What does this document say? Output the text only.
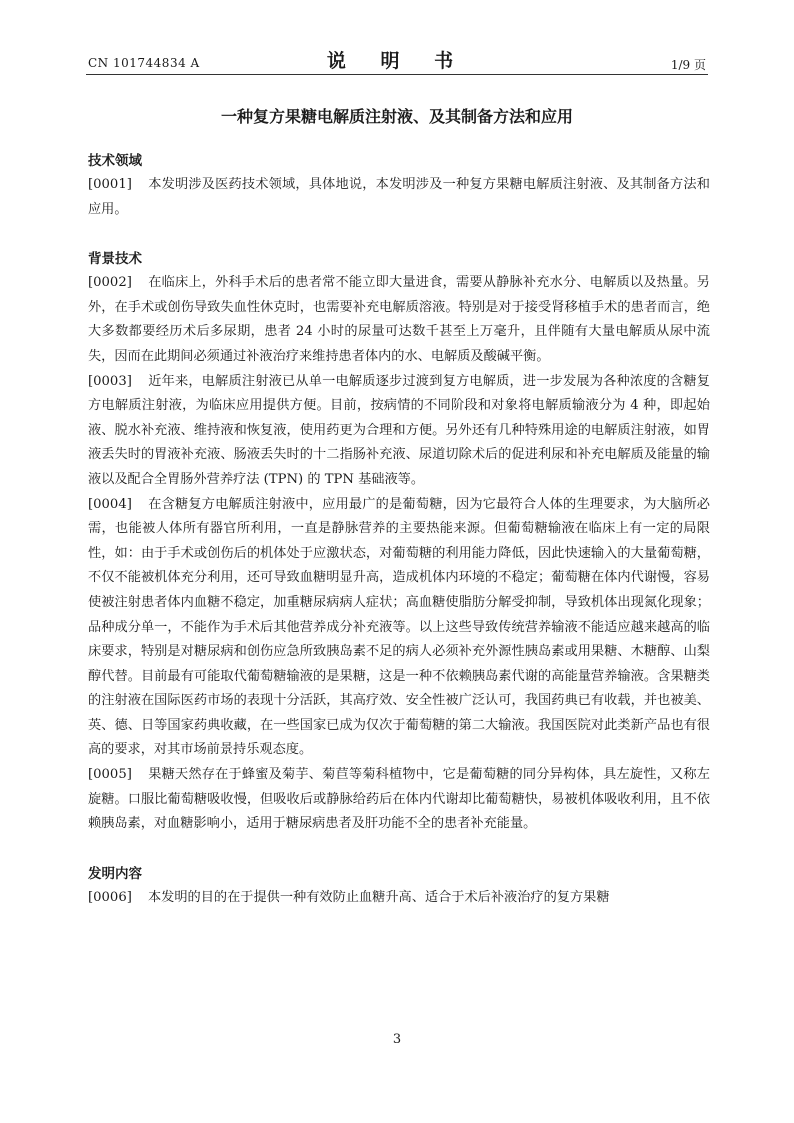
CN 101744834 A	说 明 书	1/9 页
一种复方果糖电解质注射液、及其制备方法和应用
技术领域

[0001] 本发明涉及医药技术领域，具体地说，本发明涉及一种复方果糖电解质注射液、及其制备方法和应用。

背景技术

[0002] 在临床上，外科手术后的患者常不能立即大量进食，需要从静脉补充水分、电解质以及热量。另外，在手术或创伤导致失血性休克时，也需要补充电解质溶液。特别是对于接受肾移植手术的患者而言，绝大多数都要经历术后多尿期，患者 24 小时的尿量可达数千甚至上万毫升，且伴随有大量电解质从尿中流失，因而在此期间必须通过补液治疗来维持患者体内的水、电解质及酸碱平衡。

[0003] 近年来，电解质注射液已从单一电解质逐步过渡到复方电解质，进一步发展为各种浓度的含糖复方电解质注射液，为临床应用提供方便。目前，按病情的不同阶段和对象将电解质输液分为 4 种，即起始液、脱水补充液、维持液和恢复液，使用药更为合理和方便。另外还有几种特殊用途的电解质注射液，如胃液丢失时的胃液补充液、肠液丢失时的十二指肠补充液、尿道切除术后的促进利尿和补充电解质及能量的输液以及配合全胃肠外营养疗法 (TPN) 的 TPN 基础液等。

[0004] 在含糖复方电解质注射液中，应用最广的是葡萄糖，因为它最符合人体的生理要求，为大脑所必需，也能被人体所有器官所利用，一直是静脉营养的主要热能来源。但葡萄糖输液在临床上有一定的局限性，如：由于手术或创伤后的机体处于应激状态，对葡萄糖的利用能力降低，因此快速输入的大量葡萄糖，不仅不能被机体充分利用，还可导致血糖明显升高，造成机体内环境的不稳定；葡萄糖在体内代谢慢，容易使被注射患者体内血糖不稳定，加重糖尿病病人症状；高血糖使脂肪分解受抑制，导致机体出现氮化现象；品种成分单一，不能作为手术后其他营养成分补充液等。以上这些导致传统营养输液不能适应越来越高的临床要求，特别是对糖尿病和创伤应急所致胰岛素不足的病人必须补充外源性胰岛素或用果糖、木糖醇、山梨醇代替。目前最有可能取代葡萄糖输液的是果糖，这是一种不依赖胰岛素代谢的高能量营养输液。含果糖类的注射液在国际医药市场的表现十分活跃，其高疗效、安全性被广泛认可，我国药典已有收载，并也被美、英、德、日等国家药典收藏，在一些国家已成为仅次于葡萄糖的第二大输液。我国医院对此类新产品也有很高的要求，对其市场前景持乐观态度。

[0005] 果糖天然存在于蜂蜜及菊芋、菊苣等菊科植物中，它是葡萄糖的同分异构体，具左旋性，又称左旋糖。口服比葡萄糖吸收慢，但吸收后或静脉给药后在体内代谢却比葡萄糖快，易被机体吸收利用，且不依赖胰岛素，对血糖影响小，适用于糖尿病患者及肝功能不全的患者补充能量。

发明内容

[0006] 本发明的目的在于提供一种有效防止血糖升高、适合于术后补液治疗的复方果糖

3
